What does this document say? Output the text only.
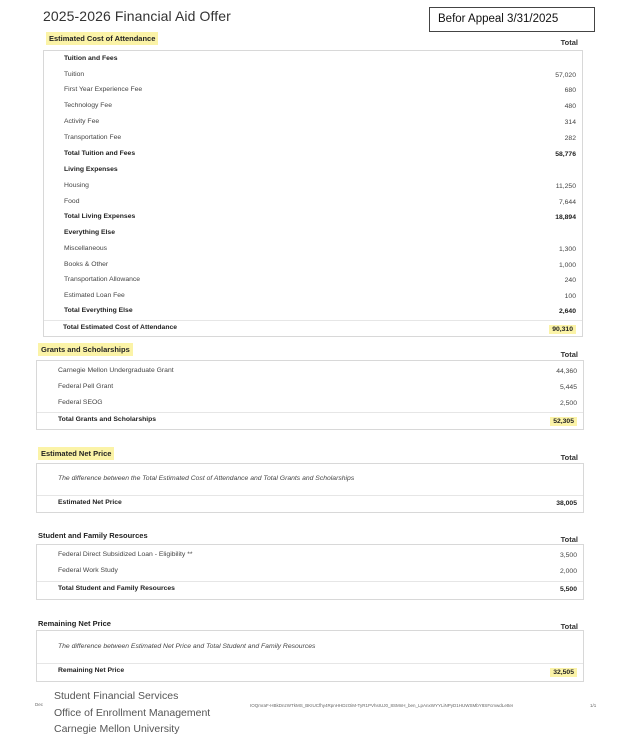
2025-2026 Financial Aid Offer	Befor Appeal 3/31/2025
Estimated Cost of Attendance	Total
Tuition and Fees
Tuition	57,020
First Year Experience Fee	680
Technology Fee	480
Activity Fee	314
Transportation Fee	282
Total Tuition and Fees	58,776
Living Expenses
Housing	11,250
Food	7,644
Total Living Expenses	18,894
Everything Else
Miscellaneous	1,300
Books & Other	1,000
Transportation Allowance	240
Estimated Loan Fee	100
Total Everything Else	2,640
Total Estimated Cost of Attendance	90,310
Grants and Scholarships
Total
Carnegie Mellon Undergraduate Grant	44,360
Federal Pell Grant	5,445
Federal SEOG	2,500
Total Grants and Scholarships	52,305
Estimated Net Price	Total
The difference between the Total Estimated Cost of Attendance and Total Grants and Scholarships
Estimated Net Price	38,005
Student and Family Resources	Total
Federal Direct Subsidized Loan - Eligibility **	3,500
Federal Work Study	2,000
Total Student and Family Resources	5,500
Remaining Net Price	Total
The difference between Estimated Net Price and Total Student and Family Resources
Remaining Net Price	32,505
Dec
Student Financial Services
Office of Enrollment Management
Carnegie Mellon University
IOQmraF-HBkDnzWTkMS_BKIUCfhy4RpnHHDzOiM-TyR1PVhsIUJ0_8SMnH_ben_LpAnxWYYLiNPyD1HUWSMbY8SFcmwdLetter	1/1
